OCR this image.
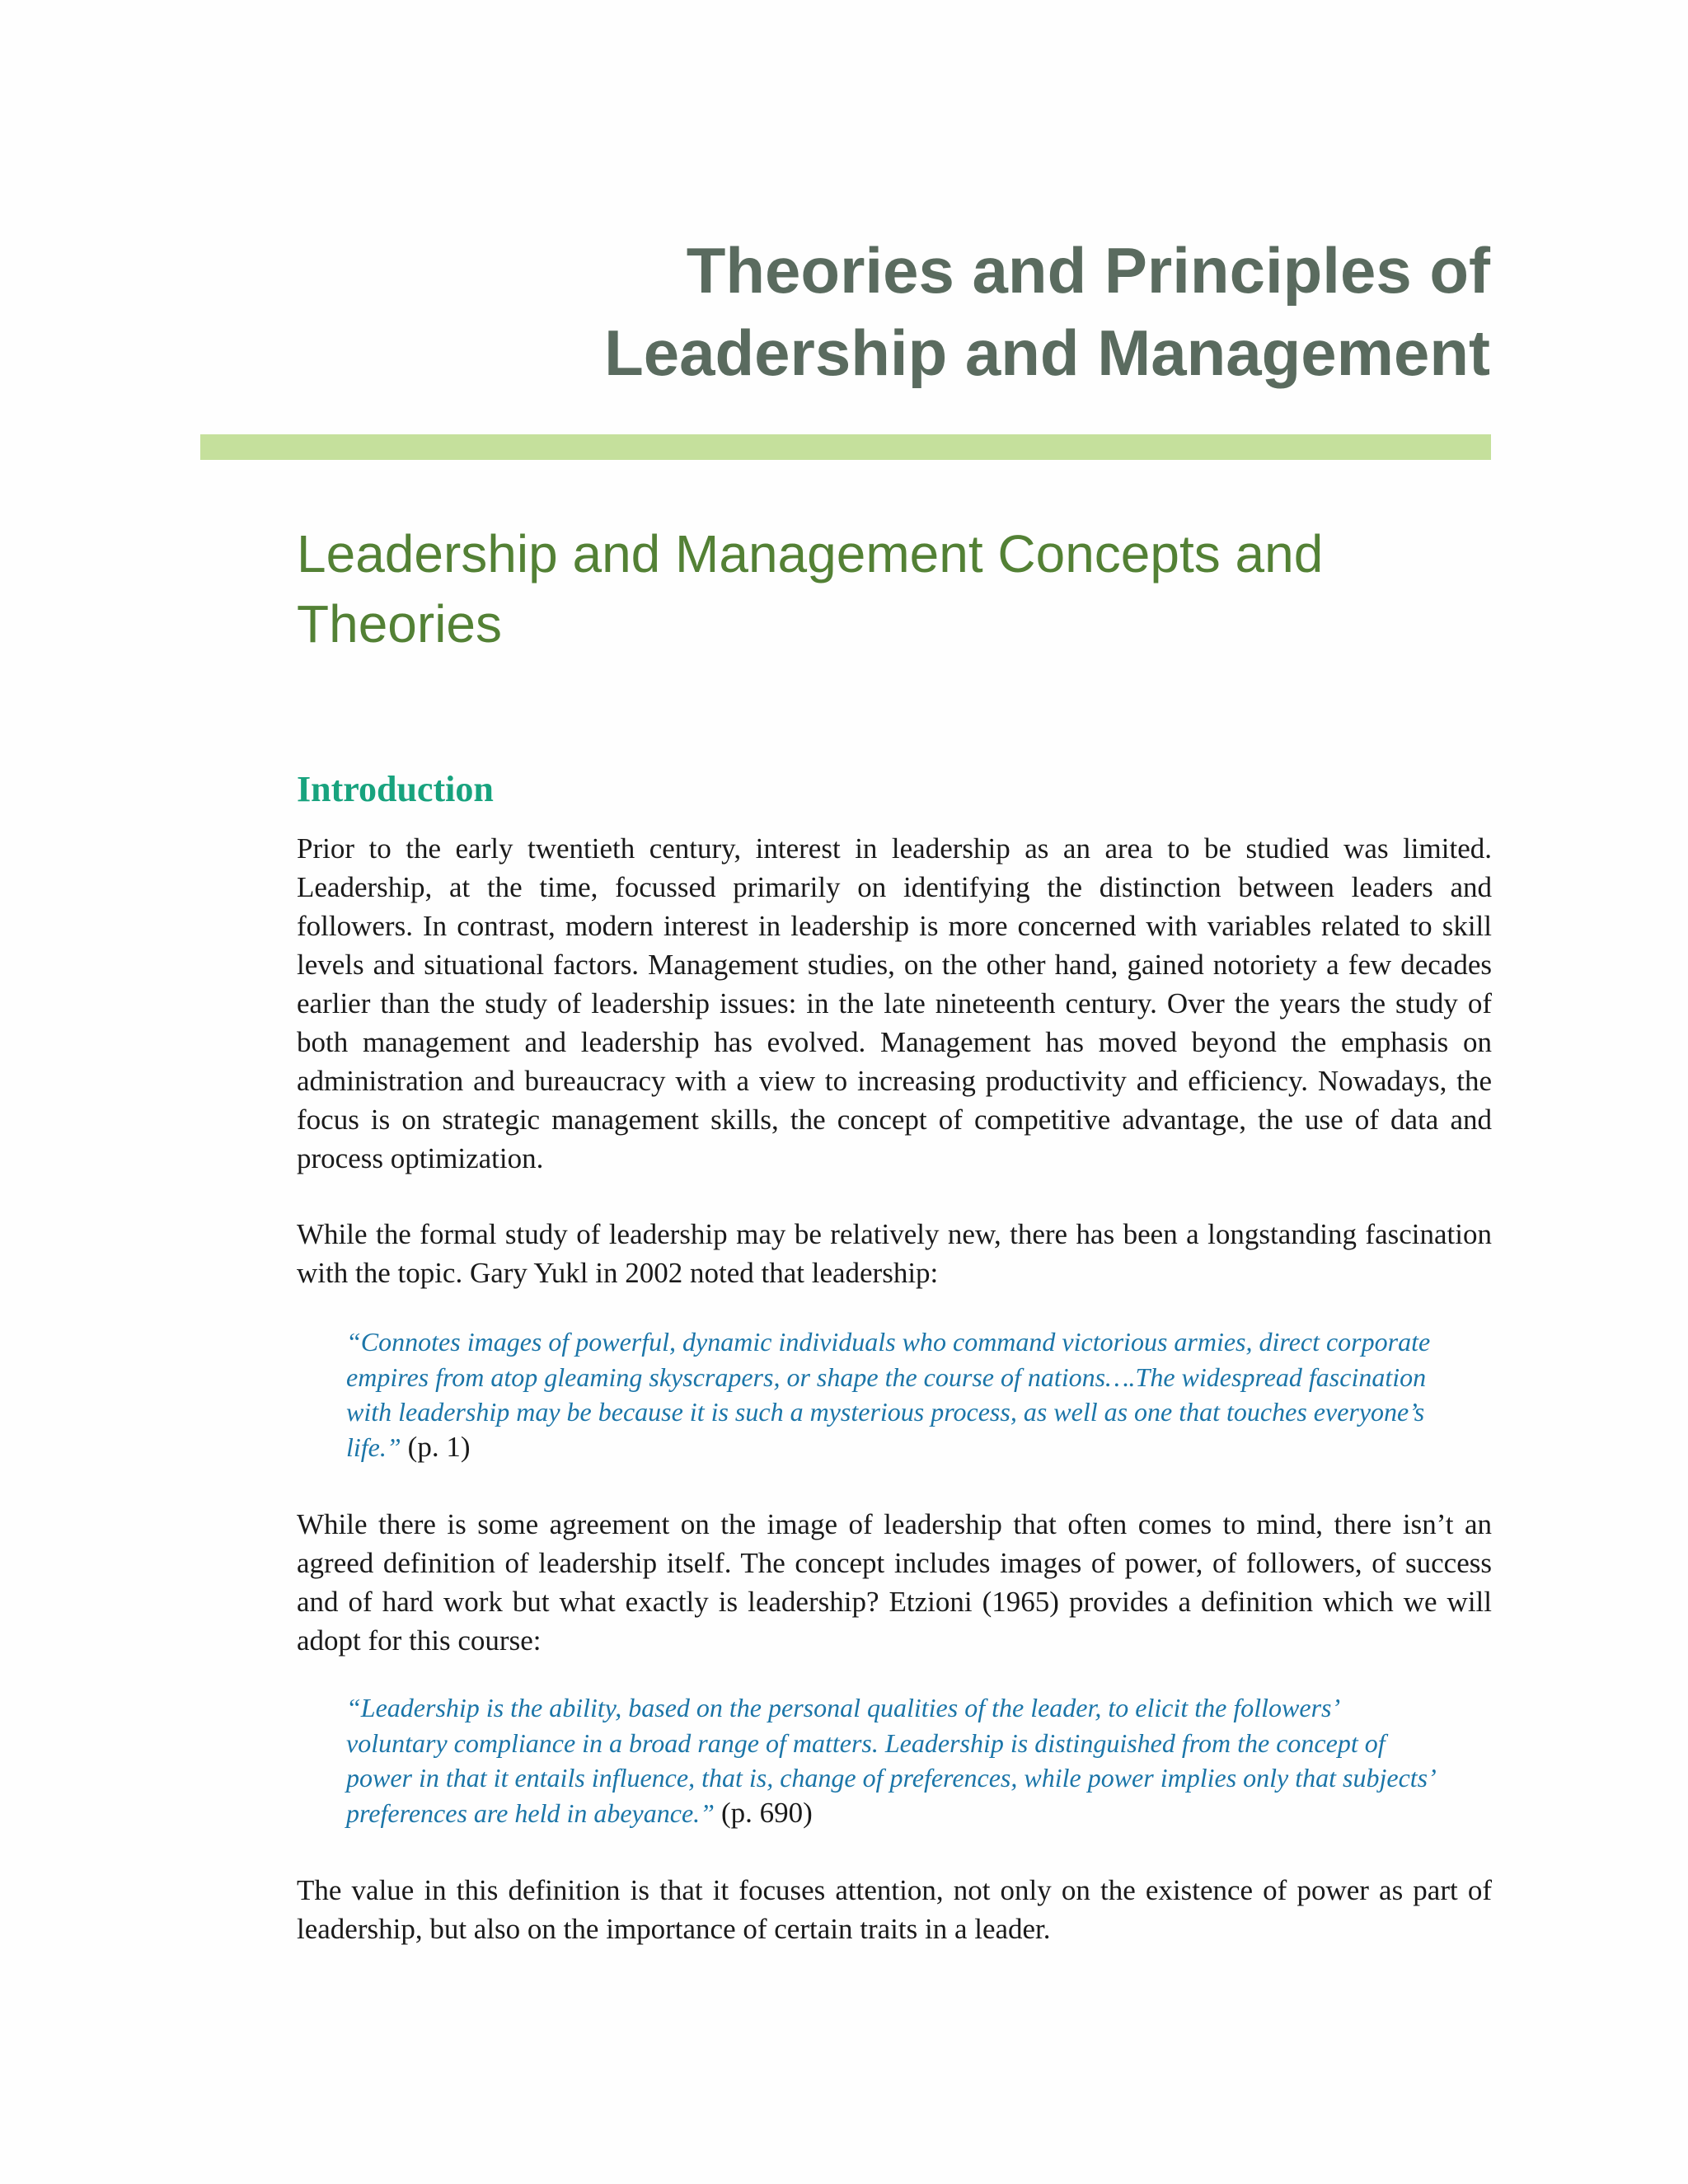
Theories and Principles of
Leadership and Management
Leadership and Management Concepts and Theories
Introduction

Prior to the early twentieth century, interest in leadership as an area to be studied was limited. Leadership, at the time, focussed primarily on identifying the distinction between leaders and followers. In contrast, modern interest in leadership is more concerned with variables related to skill levels and situational factors. Management studies, on the other hand, gained notoriety a few decades earlier than the study of leadership issues: in the late nineteenth century. Over the years the study of both management and leadership has evolved. Management has moved beyond the emphasis on administration and bureaucracy with a view to increasing productivity and efficiency. Nowadays, the focus is on strategic management skills, the concept of competitive advantage, the use of data and process optimization.

While the formal study of leadership may be relatively new, there has been a longstanding fascination with the topic. Gary Yukl in 2002 noted that leadership:

“Connotes images of powerful, dynamic individuals who command victorious armies, direct corporate empires from atop gleaming skyscrapers, or shape the course of nations….The widespread fascination with leadership may be because it is such a mysterious process, as well as one that touches everyone’s life.” (p. 1)

While there is some agreement on the image of leadership that often comes to mind, there isn’t an agreed definition of leadership itself. The concept includes images of power, of followers, of success and of hard work but what exactly is leadership? Etzioni (1965) provides a definition which we will adopt for this course:

“Leadership is the ability, based on the personal qualities of the leader, to elicit the followers’ voluntary compliance in a broad range of matters. Leadership is distinguished from the concept of power in that it entails influence, that is, change of preferences, while power implies only that subjects’ preferences are held in abeyance.” (p. 690)

The value in this definition is that it focuses attention, not only on the existence of power as part of leadership, but also on the importance of certain traits in a leader.
